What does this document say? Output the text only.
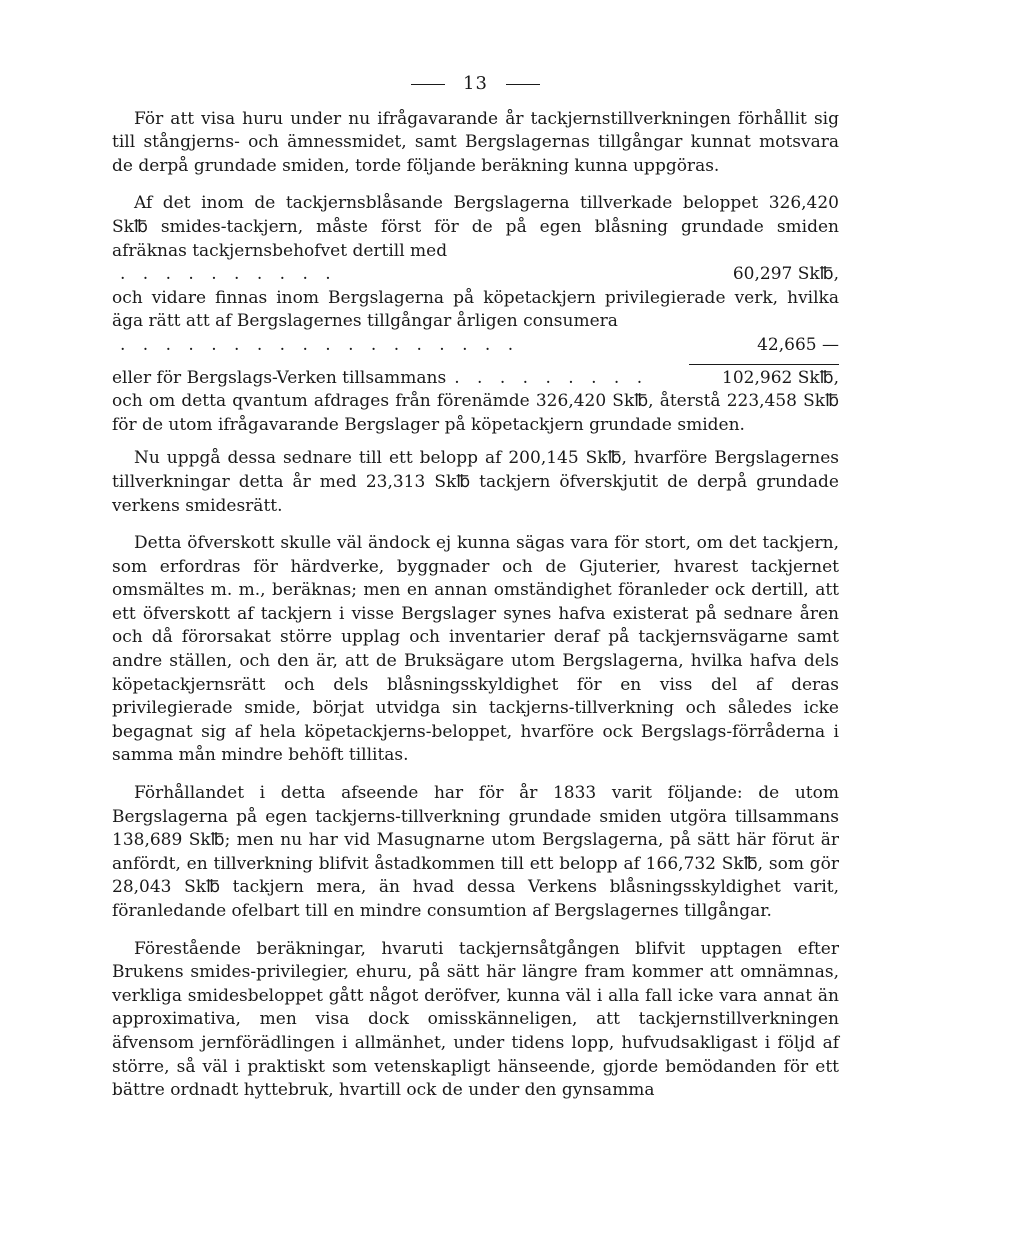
13

För att visa huru under nu ifrågavarande år tackjernstillverkningen förhållit sig till stångjerns- och ämnessmidet, samt Bergslagernas tillgångar kunnat motsvara de derpå grundade smiden, torde följande beräkning kunna uppgöras.

Af det inom de tackjernsblåsande Bergslagerna tillverkade beloppet 326,420 Sk℔ smides-tackjern, måste först för de på egen blåsning grundade smiden afräknas tackjernsbehofvet dertill med
. . . . . . . . . .	60,297 Sk℔,
och vidare finnas inom Bergslagerna på köpetackjern privilegierade verk, hvilka äga rätt att af Bergslagernes tillgångar årligen consumera
. . . . . . . . . . . . . . . . . .	42,665 —
eller för Bergslags-Verken tillsammans . . . . . . . . .	102,962 Sk℔,

och om detta qvantum afdrages från förenämde 326,420 Sk℔, återstå 223,458 Sk℔ för de utom ifrågavarande Bergslager på köpetackjern grundade smiden.

Nu uppgå dessa sednare till ett belopp af 200,145 Sk℔, hvarföre Bergslagernes tillverkningar detta år med 23,313 Sk℔ tackjern öfverskjutit de derpå grundade verkens smidesrätt.

Detta öfverskott skulle väl ändock ej kunna sägas vara för stort, om det tackjern, som erfordras för härdverke, byggnader och de Gjuterier, hvarest tackjernet omsmältes m. m., beräknas; men en annan omständighet föranleder ock dertill, att ett öfverskott af tackjern i visse Bergslager synes hafva existerat på sednare åren och då förorsakat större upplag och inventarier deraf på tackjernsvägarne samt andre ställen, och den är, att de Bruksägare utom Bergslagerna, hvilka hafva dels köpetackjernsrätt och dels blåsningsskyldighet för en viss del af deras privilegierade smide, börjat utvidga sin tackjerns-tillverkning och således icke begagnat sig af hela köpetackjerns-beloppet, hvarföre ock Bergslags-förråderna i samma mån mindre behöft tillitas.

Förhållandet i detta afseende har för år 1833 varit följande: de utom Bergslagerna på egen tackjerns-tillverkning grundade smiden utgöra tillsammans 138,689 Sk℔; men nu har vid Masugnarne utom Bergslagerna, på sätt här förut är anfördt, en tillverkning blifvit åstadkommen till ett belopp af 166,732 Sk℔, som gör 28,043 Sk℔ tackjern mera, än hvad dessa Verkens blåsningsskyldighet varit, föranledande ofelbart till en mindre consumtion af Bergslagernes tillgångar.

Förestående beräkningar, hvaruti tackjernsåtgången blifvit upptagen efter Brukens smides-privilegier, ehuru, på sätt här längre fram kommer att omnämnas, verkliga smidesbeloppet gått något deröfver, kunna väl i alla fall icke vara annat än approximativa, men visa dock omisskänneligen, att tackjernstillverkningen äfvensom jernförädlingen i allmänhet, under tidens lopp, hufvudsakligast i följd af större, så väl i praktiskt som vetenskapligt hänseende, gjorde bemödanden för ett bättre ordnadt hyttebruk, hvartill ock de under den gynsamma
